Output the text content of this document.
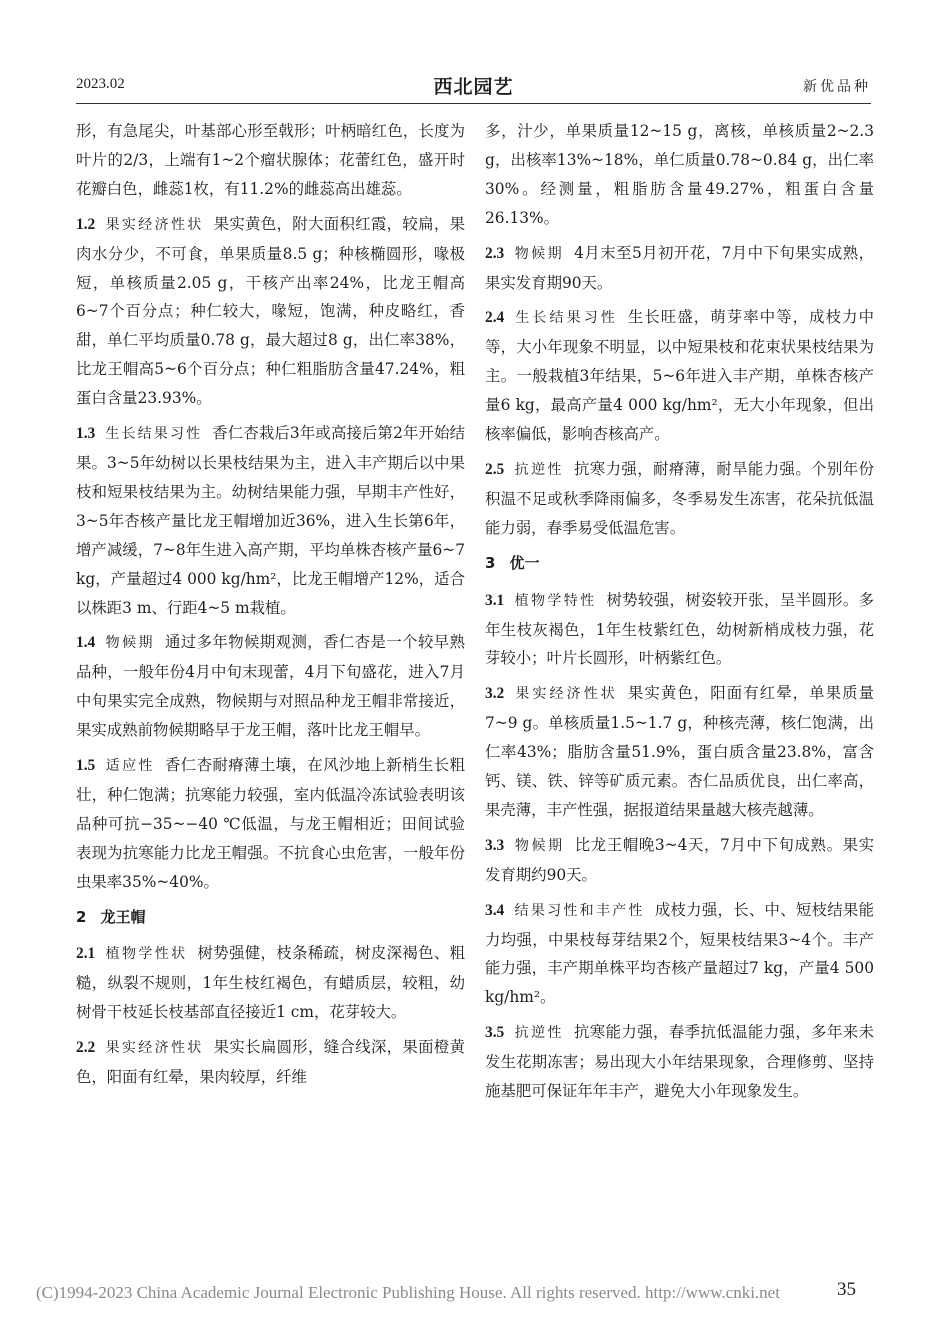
2023.02	西北园艺	新优品种

形，有急尾尖，叶基部心形至戟形；叶柄暗红色，长度为叶片的2/3，上端有1~2个瘤状腺体；花蕾红色，盛开时花瓣白色，雌蕊1枚，有11.2%的雌蕊高出雄蕊。

1.2 果实经济性状 果实黄色，附大面积红霞，较扁，果肉水分少，不可食，单果质量8.5 g；种核椭圆形，喙极短，单核质量2.05 g，干核产出率24%，比龙王帽高6~7个百分点；种仁较大，喙短，饱满，种皮略红，香甜，单仁平均质量0.78 g，最大超过8 g，出仁率38%，比龙王帽高5~6个百分点；种仁粗脂肪含量47.24%，粗蛋白含量23.93%。

1.3 生长结果习性 香仁杏栽后3年或高接后第2年开始结果。3~5年幼树以长果枝结果为主，进入丰产期后以中果枝和短果枝结果为主。幼树结果能力强，早期丰产性好，3~5年杏核产量比龙王帽增加近36%，进入生长第6年，增产减缓，7~8年生进入高产期，平均单株杏核产量6~7 kg，产量超过4 000 kg/hm²，比龙王帽增产12%，适合以株距3 m、行距4~5 m栽植。

1.4 物候期 通过多年物候期观测，香仁杏是一个较早熟品种，一般年份4月中旬末现蕾，4月下旬盛花，进入7月中旬果实完全成熟，物候期与对照品种龙王帽非常接近，果实成熟前物候期略早于龙王帽，落叶比龙王帽早。

1.5 适应性 香仁杏耐瘠薄土壤，在风沙地上新梢生长粗壮，种仁饱满；抗寒能力较强，室内低温冷冻试验表明该品种可抗−35~−40 ℃低温，与龙王帽相近；田间试验表现为抗寒能力比龙王帽强。不抗食心虫危害，一般年份虫果率35%~40%。

2 龙王帽

2.1 植物学性状 树势强健，枝条稀疏，树皮深褐色、粗糙，纵裂不规则，1年生枝红褐色，有蜡质层，较粗，幼树骨干枝延长枝基部直径接近1 cm，花芽较大。

2.2 果实经济性状 果实长扁圆形，缝合线深，果面橙黄色，阳面有红晕，果肉较厚，纤维

多，汁少，单果质量12~15 g，离核，单核质量2~2.3 g，出核率13%~18%，单仁质量0.78~0.84 g，出仁率30%。经测量，粗脂肪含量49.27%，粗蛋白含量26.13%。

2.3 物候期 4月末至5月初开花，7月中下旬果实成熟，果实发育期90天。

2.4 生长结果习性 生长旺盛，萌芽率中等，成枝力中等，大小年现象不明显，以中短果枝和花束状果枝结果为主。一般栽植3年结果，5~6年进入丰产期，单株杏核产量6 kg，最高产量4 000 kg/hm²，无大小年现象，但出核率偏低，影响杏核高产。

2.5 抗逆性 抗寒力强，耐瘠薄，耐旱能力强。个别年份积温不足或秋季降雨偏多，冬季易发生冻害，花朵抗低温能力弱，春季易受低温危害。

3 优一

3.1 植物学特性 树势较强，树姿较开张，呈半圆形。多年生枝灰褐色，1年生枝紫红色，幼树新梢成枝力强，花芽较小；叶片长圆形，叶柄紫红色。

3.2 果实经济性状 果实黄色，阳面有红晕，单果质量7~9 g。单核质量1.5~1.7 g，种核壳薄，核仁饱满，出仁率43%；脂肪含量51.9%，蛋白质含量23.8%，富含钙、镁、铁、锌等矿质元素。杏仁品质优良，出仁率高，果壳薄，丰产性强，据报道结果量越大核壳越薄。

3.3 物候期 比龙王帽晚3~4天，7月中下旬成熟。果实发育期约90天。

3.4 结果习性和丰产性 成枝力强，长、中、短枝结果能力均强，中果枝每芽结果2个，短果枝结果3~4个。丰产能力强，丰产期单株平均杏核产量超过7 kg，产量4 500 kg/hm²。

3.5 抗逆性 抗寒能力强，春季抗低温能力强，多年来未发生花期冻害；易出现大小年结果现象，合理修剪、坚持施基肥可保证年年丰产，避免大小年现象发生。

(C)1994-2023 China Academic Journal Electronic Publishing House. All rights reserved. http://www.cnki.net	35
